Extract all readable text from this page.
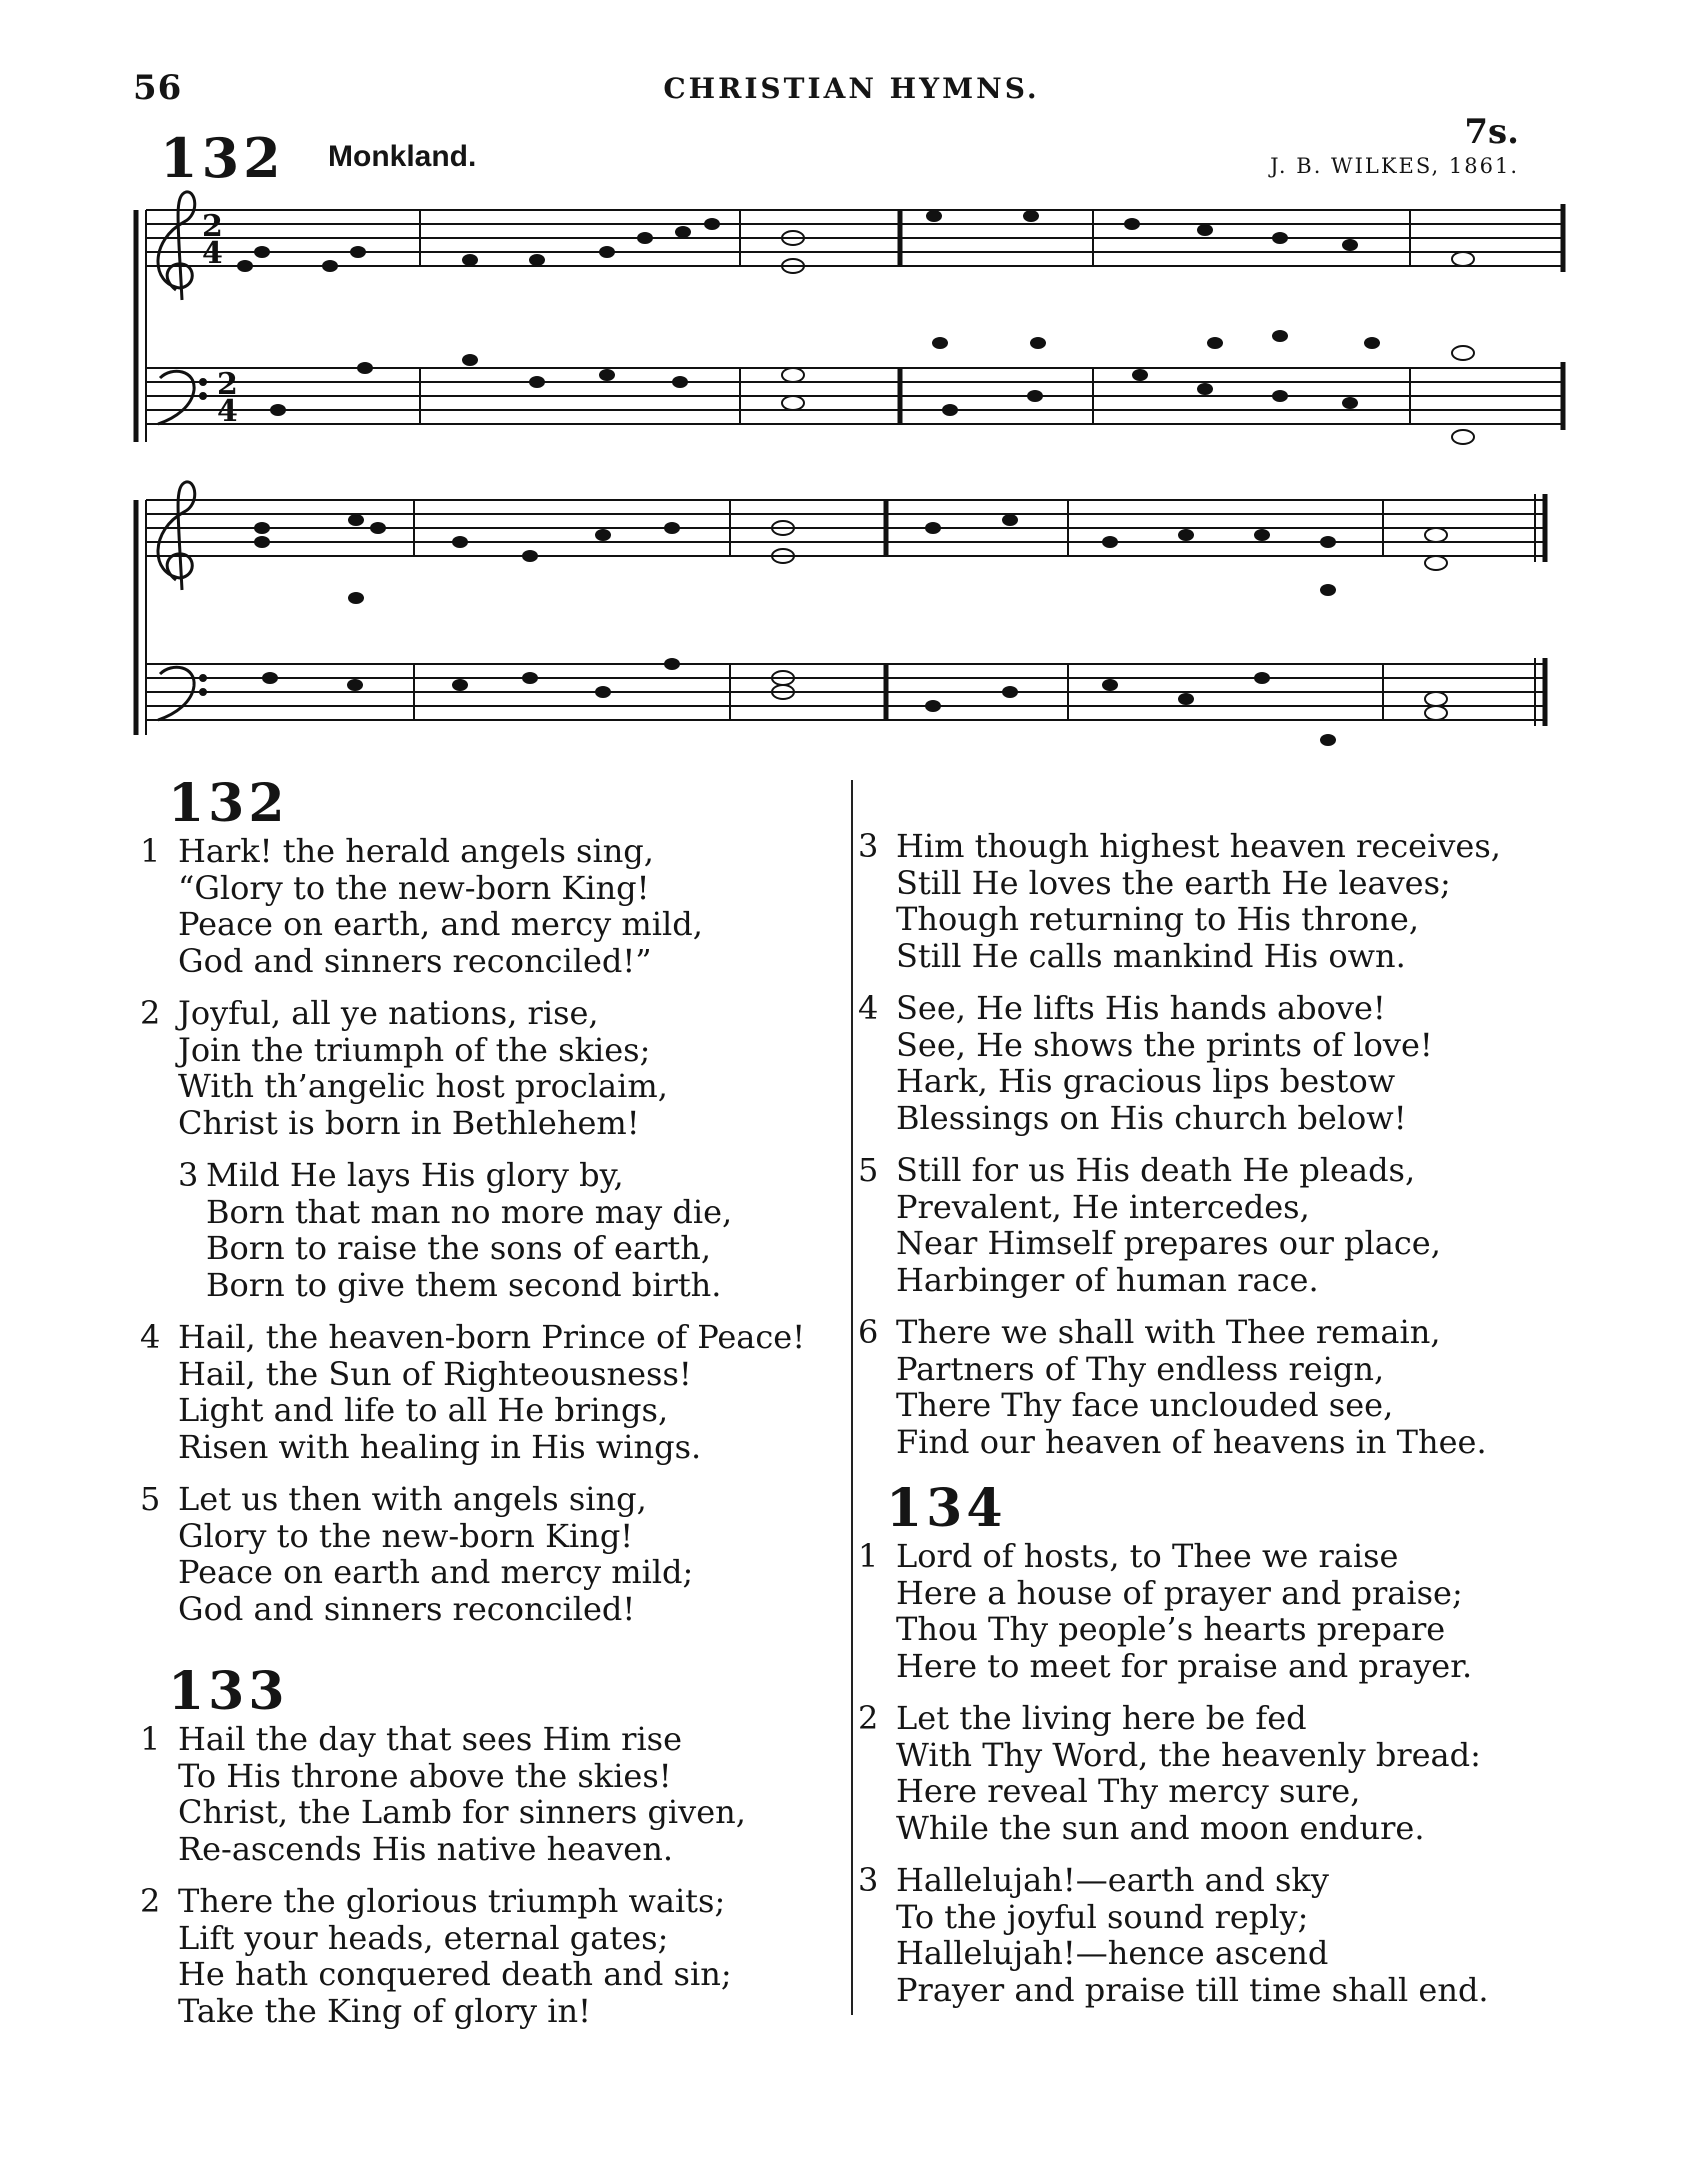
56	CHRISTIAN HYMNS.
132 Monkland.
7s.
J. B. WILKES, 1861.
2
4
2
4
132
1 Hark! the herald angels sing,
“Glory to the new-born King!
Peace on earth, and mercy mild,
God and sinners reconciled!”
2 Joyful, all ye nations, rise,
Join the triumph of the skies;
With th’angelic host proclaim,
Christ is born in Bethlehem!
3 Mild He lays His glory by,
Born that man no more may die,
Born to raise the sons of earth,
Born to give them second birth.
4 Hail, the heaven-born Prince of Peace!
Hail, the Sun of Righteousness!
Light and life to all He brings,
Risen with healing in His wings.
5 Let us then with angels sing,
Glory to the new-born King!
Peace on earth and mercy mild;
God and sinners reconciled!
133
1 Hail the day that sees Him rise
To His throne above the skies!
Christ, the Lamb for sinners given,
Re-ascends His native heaven.
2 There the glorious triumph waits;
Lift your heads, eternal gates;
He hath conquered death and sin;
Take the King of glory in!
3 Him though highest heaven receives,
Still He loves the earth He leaves;
Though returning to His throne,
Still He calls mankind His own.
4 See, He lifts His hands above!
See, He shows the prints of love!
Hark, His gracious lips bestow
Blessings on His church below!
5 Still for us His death He pleads,
Prevalent, He intercedes,
Near Himself prepares our place,
Harbinger of human race.
6 There we shall with Thee remain,
Partners of Thy endless reign,
There Thy face unclouded see,
Find our heaven of heavens in Thee.
134
1 Lord of hosts, to Thee we raise
Here a house of prayer and praise;
Thou Thy people’s hearts prepare
Here to meet for praise and prayer.
2 Let the living here be fed
With Thy Word, the heavenly bread:
Here reveal Thy mercy sure,
While the sun and moon endure.
3 Hallelujah!—earth and sky
To the joyful sound reply;
Hallelujah!—hence ascend
Prayer and praise till time shall end.
